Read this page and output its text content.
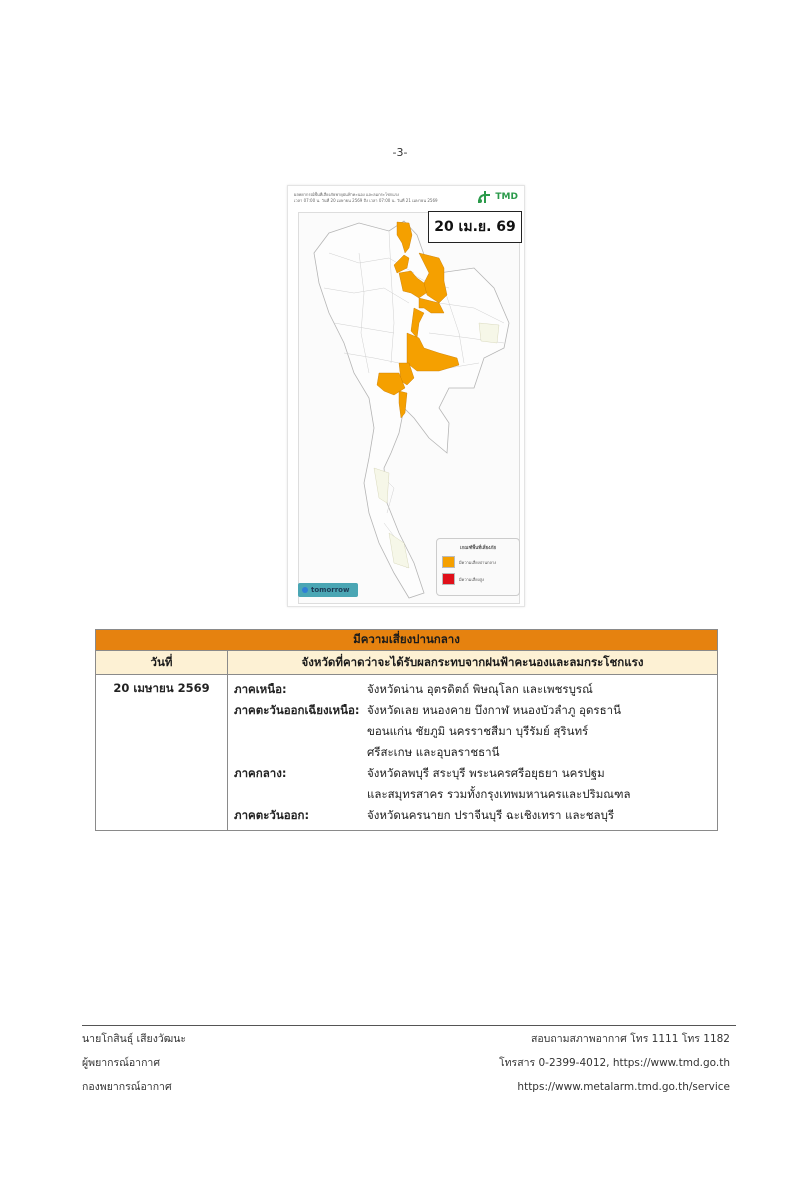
-3-
ผลพยากรณ์พื้นที่เสี่ยงภัยพายุฝนฟ้าคะนอง และลมกระโชกแรง
เวลา 07:00 น. วันที่ 20 เมษายน 2569 ถึง เวลา 07:00 น. วันที่ 21 เมษายน 2569	TMD
20 เม.ย. 69
เกณฑ์พื้นที่เสี่ยงภัย
มีความเสี่ยงปานกลาง
มีความเสี่ยงสูง
tomorrow
มีความเสี่ยงปานกลาง	
วันที่	จังหวัดที่คาดว่าจะได้รับผลกระทบจากฝนฟ้าคะนองและลมกระโชกแรง
20 เมษายน 2569	ภาคเหนือ:	จังหวัดน่าน อุตรดิตถ์ พิษณุโลก และเพชรบูรณ์
ภาคตะวันออกเฉียงเหนือ: จังหวัดเลย หนองคาย บึงกาฬ หนองบัวลำภู อุดรธานี
ขอนแก่น ชัยภูมิ นครราชสีมา บุรีรัมย์ สุรินทร์
ศรีสะเกษ และอุบลราชธานี
ภาคกลาง:	จังหวัดลพบุรี สระบุรี พระนครศรีอยุธยา นครปฐม
และสมุทรสาคร รวมทั้งกรุงเทพมหานครและปริมณฑล
ภาคตะวันออก:	จังหวัดนครนายก ปราจีนบุรี ฉะเชิงเทรา และชลบุรี
นายโกสินธุ์ เสียงวัฒนะ
ผู้พยากรณ์อากาศ
กองพยากรณ์อากาศ
สอบถามสภาพอากาศ โทร 1111 โทร 1182
โทรสาร 0-2399-4012, https://www.tmd.go.th
https://www.metalarm.tmd.go.th/service
